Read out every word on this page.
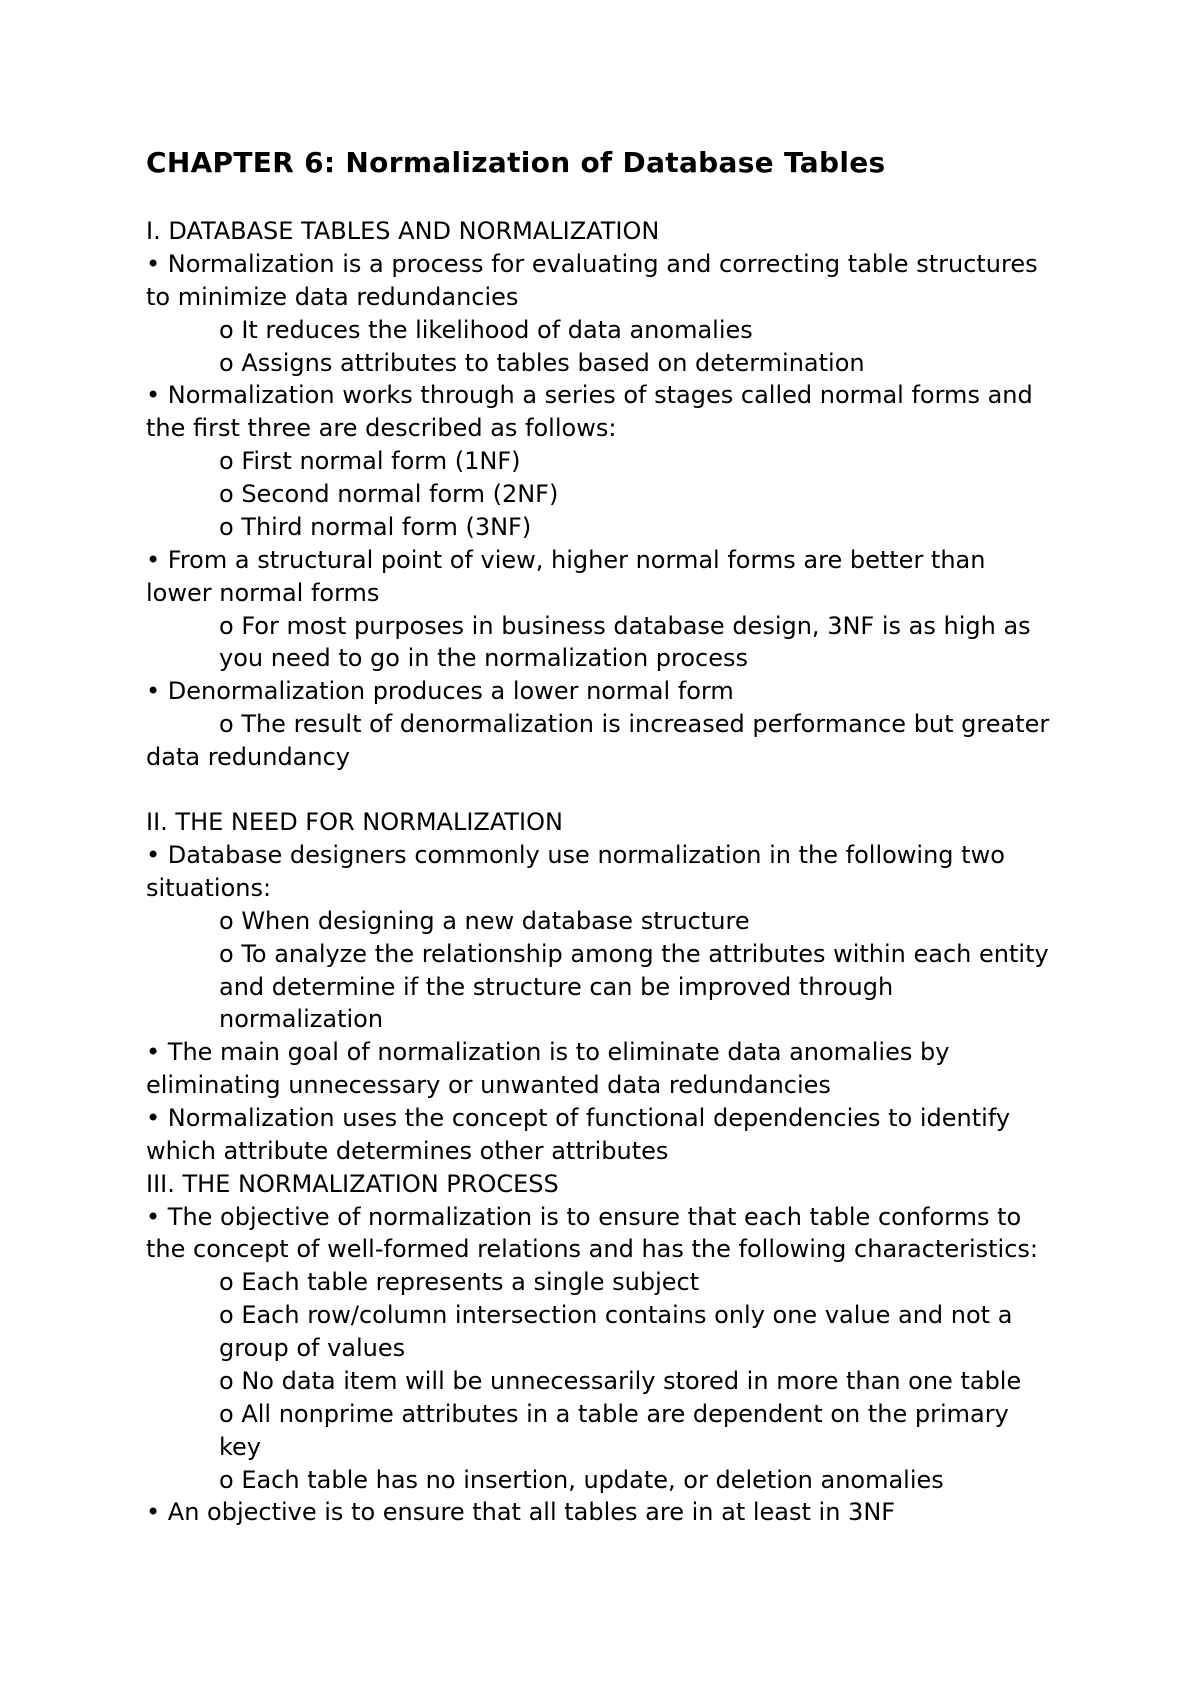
CHAPTER 6: Normalization of Database Tables

I. DATABASE TABLES AND NORMALIZATION

• Normalization is a process for evaluating and correcting table structures

to minimize data redundancies

o It reduces the likelihood of data anomalies

o Assigns attributes to tables based on determination

• Normalization works through a series of stages called normal forms and

the first three are described as follows:

o First normal form (1NF)

o Second normal form (2NF)

o Third normal form (3NF)

• From a structural point of view, higher normal forms are better than

lower normal forms

o For most purposes in business database design, 3NF is as high as

you need to go in the normalization process

• Denormalization produces a lower normal form

o The result of denormalization is increased performance but greater

data redundancy

II. THE NEED FOR NORMALIZATION

• Database designers commonly use normalization in the following two

situations:

o When designing a new database structure

o To analyze the relationship among the attributes within each entity

and determine if the structure can be improved through

normalization

• The main goal of normalization is to eliminate data anomalies by

eliminating unnecessary or unwanted data redundancies

• Normalization uses the concept of functional dependencies to identify

which attribute determines other attributes

III. THE NORMALIZATION PROCESS

• The objective of normalization is to ensure that each table conforms to

the concept of well-formed relations and has the following characteristics:

o Each table represents a single subject

o Each row/column intersection contains only one value and not a

group of values

o No data item will be unnecessarily stored in more than one table

o All nonprime attributes in a table are dependent on the primary

key

o Each table has no insertion, update, or deletion anomalies

• An objective is to ensure that all tables are in at least in 3NF
